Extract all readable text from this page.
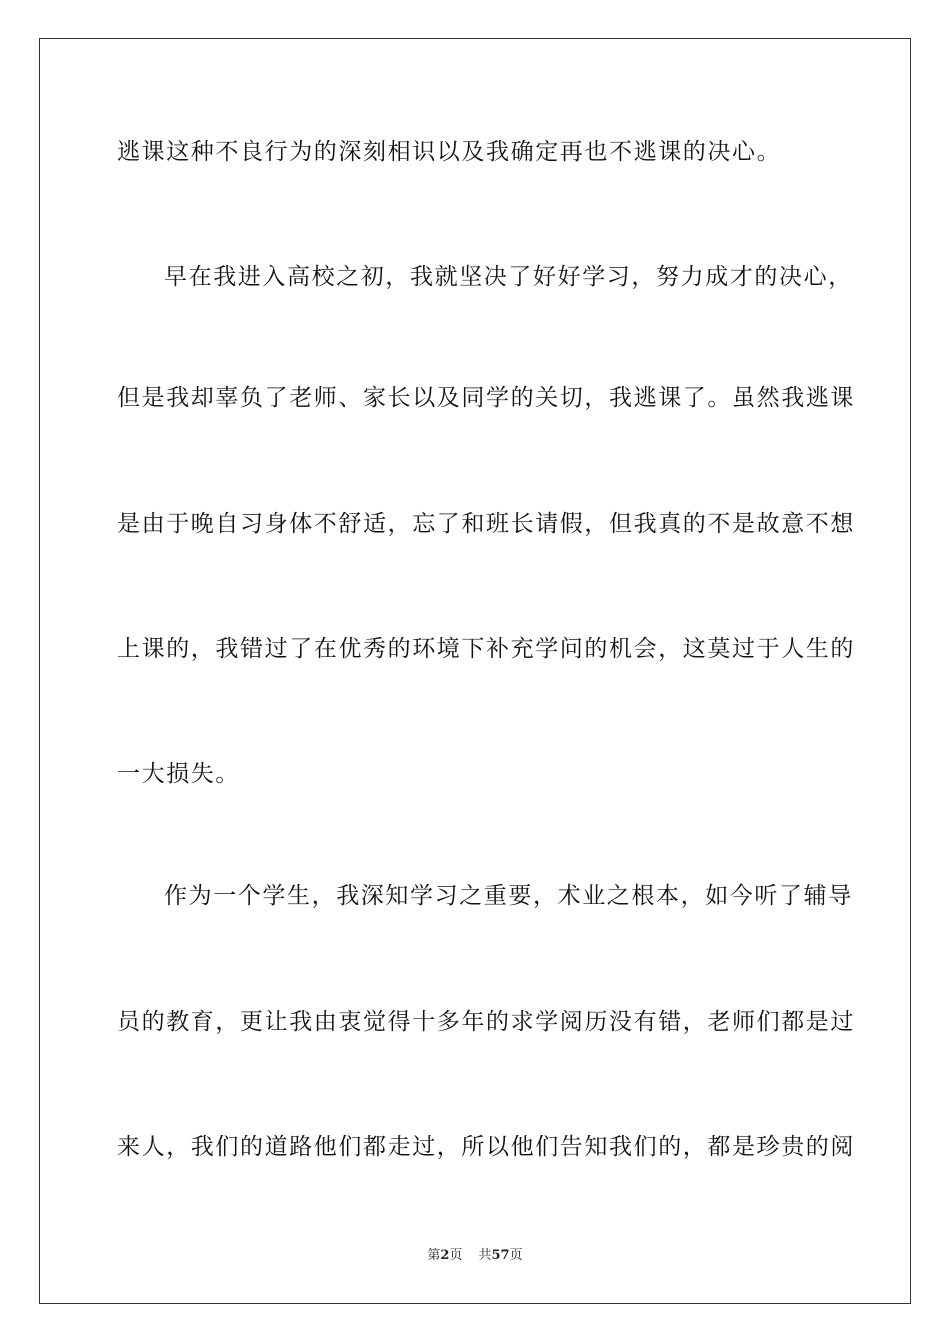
逃课这种不良行为的深刻相识以及我确定再也不逃课的决心。
早在我进入高校之初，我就坚决了好好学习，努力成才的决心，
但是我却辜负了老师、家长以及同学的关切，我逃课了。虽然我逃课
是由于晚自习身体不舒适，忘了和班长请假，但我真的不是故意不想
上课的，我错过了在优秀的环境下补充学问的机会，这莫过于人生的
一大损失。
作为一个学生，我深知学习之重要，术业之根本，如今听了辅导
员的教育，更让我由衷觉得十多年的求学阅历没有错，老师们都是过
来人，我们的道路他们都走过，所以他们告知我们的，都是珍贵的阅
第2页 共57页
